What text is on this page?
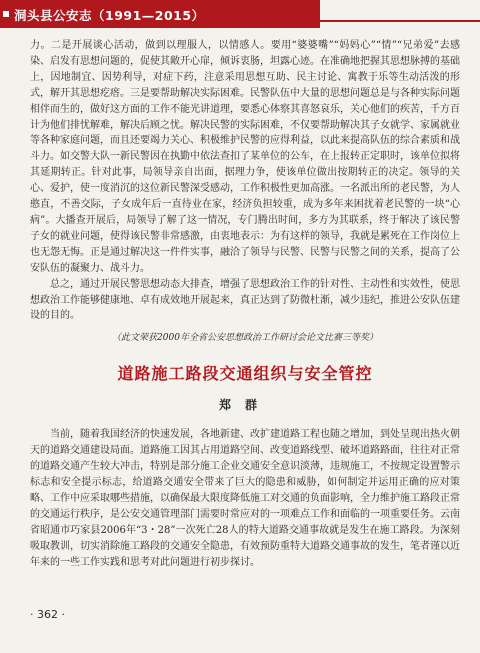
洞头县公安志（1991—2015）

力。二是开展谈心活动，做到以理服人，以情感人。要用“婆婆嘴”“妈妈心”“情”“兄弟爱”去感染、启发有思想问题的，促使其敞开心扉，倾诉衷肠，坦露心迹。在准确地把握其思想脉搏的基础上，因地制宜、因势利导，对症下药，注意采用思想互助、民主讨论、寓教于乐等生动活泼的形式，解开其思想疙瘩。三是要帮助解决实际困难。民警队伍中大量的思想问题总是与各种实际问题相伴而生的，做好这方面的工作不能光讲道理，要悉心体察其喜怒哀乐，关心他们的疾苦，千方百计为他们排忧解难，解决后顾之忧。解决民警的实际困难，不仅要帮助解决其子女就学、家属就业等各种家庭问题，而且还要竭力关心、积极维护民警的应得利益，以此来提高队伍的综合素质和战斗力。如交警大队一新民警因在执勤中依法查扣了某单位的公车，在上报转正定职时，该单位拟将其延期转正。针对此事，局领导亲自出面，据理力争，使该单位做出按期转正的决定。领导的关心、爱护，使一度消沉的这位新民警深受感动，工作积极性更加高涨。一名派出所的老民警，为人憨直，不善交际，子女成年后一直待业在家，经济负担较重，成为多年来困扰着老民警的一块“心病”。大播查开展后，局领导了解了这一情况，专门腾出时间，多方为其联系，终于解决了该民警子女的就业问题，使得该民警非常感激，由衷地表示：为有这样的领导，我就是累死在工作岗位上也无怨无悔。正是通过解决这一件件实事，融洽了领导与民警、民警与民警之间的关系，提高了公安队伍的凝聚力、战斗力。

总之，通过开展民警思想动态大排查，增强了思想政治工作的针对性、主动性和实效性，使思想政治工作能够健康地、卓有成效地开展起来，真正达到了防微杜渐，减少违纪，推进公安队伍建设的目的。

（此文荣获2000年全省公安思想政治工作研讨会论文比赛三等奖）
道路施工路段交通组织与安全管控
郑群

当前，随着我国经济的快速发展，各地新建、改扩建道路工程也随之增加，到处呈现出热火朝天的道路交通建设局面。道路施工因其占用道路空间、改变道路线型、破坏道路路面，往往对正常的道路交通产生较大冲击，特别是部分施工企业交通安全意识淡薄，违规施工，不按规定设置警示标志和安全提示标志，给道路交通安全带来了巨大的隐患和威胁，如何制定并运用正确的应对策略、工作中应采取哪些措施，以确保最大限度降低施工对交通的负面影响，全力维护施工路段正常的交通运行秩序，是公安交通管理部门需要时常应对的一项难点工作和面临的一项重要任务。云南省昭通市巧家县2006年“3・28”一次死亡28人的特大道路交通事故就是发生在施工路段。为深刻吸取教训，切实消除施工路段的交通安全隐患，有效预防重特大道路交通事故的发生，笔者谨以近年来的一些工作实践和思考对此问题进行初步探讨。

· 362 ·
